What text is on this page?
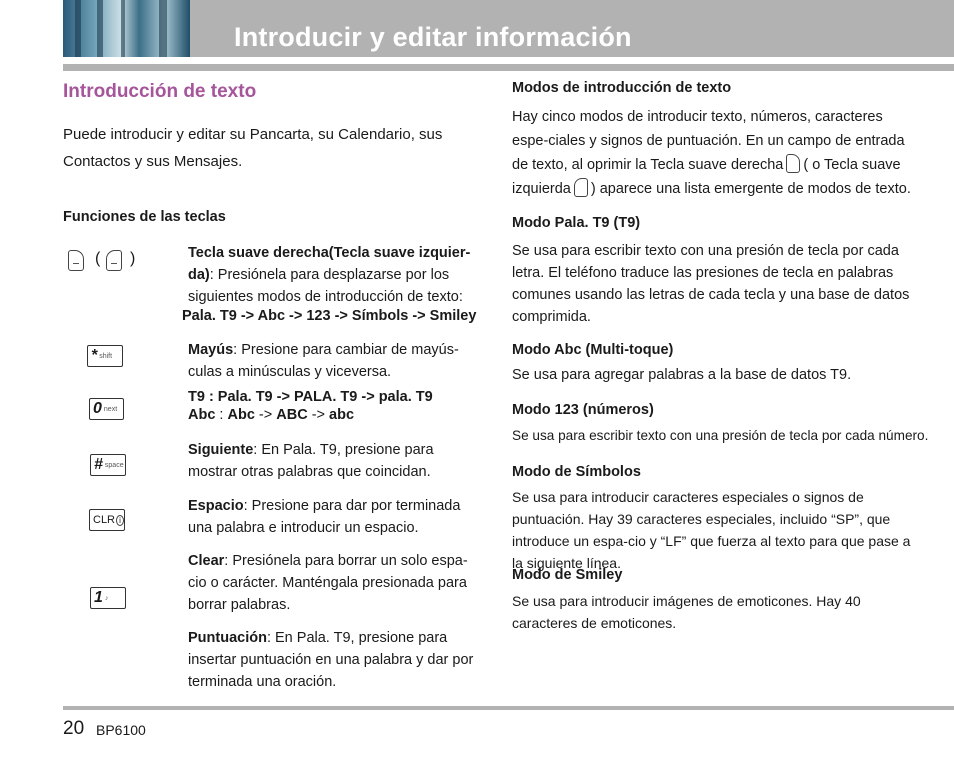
Introducir y editar información
Introducción de texto
Puede introducir y editar su Pancarta, su Calendario, sus Contactos y sus Mensajes.
Funciones de las teclas
( )	Tecla suave derecha(Tecla suave izquier-da): Presiónela para desplazarse por los siguientes modos de introducción de texto:
Pala. T9 -> Abc -> 123 -> Símbols -> Smiley
* shift	Mayús: Presione para cambiar de mayús-culas a minúsculas y viceversa.
0 next
T9 : Pala. T9 -> PALA. T9 -> pala. T9
Abc : Abc -> ABC -> abc
# space
Siguiente: En Pala. T9, presione para mostrar otras palabras que coincidan.
CLR i
Espacio: Presione para dar por terminada una palabra e introducir un espacio.
1 ♪
Clear: Presiónela para borrar un solo espa-cio o carácter. Manténgala presionada para borrar palabras.
Puntuación: En Pala. T9, presione para insertar puntuación en una palabra y dar por terminada una oración.
Modos de introducción de texto
Hay cinco modos de introducir texto, números, caracteres espe-ciales y signos de puntuación. En un campo de entrada de texto, al oprimir la Tecla suave derecha ( o Tecla suave izquierda ) aparece una lista emergente de modos de texto.
Modo Pala. T9 (T9)
Se usa para escribir texto con una presión de tecla por cada letra. El teléfono traduce las presiones de tecla en palabras comunes usando las letras de cada tecla y una base de datos comprimida.
Modo Abc (Multi-toque)
Se usa para agregar palabras a la base de datos T9.
Modo 123 (números)
Se usa para escribir texto con una presión de tecla por cada número.
Modo de Símbolos
Se usa para introducir caracteres especiales o signos de puntuación. Hay 39 caracteres especiales, incluido “SP”, que introduce un espa-cio y “LF” que fuerza al texto para que pase a la siguiente línea.
Modo de Smiley
Se usa para introducir imágenes de emoticones. Hay 40 caracteres de emoticones.
20 BP6100
